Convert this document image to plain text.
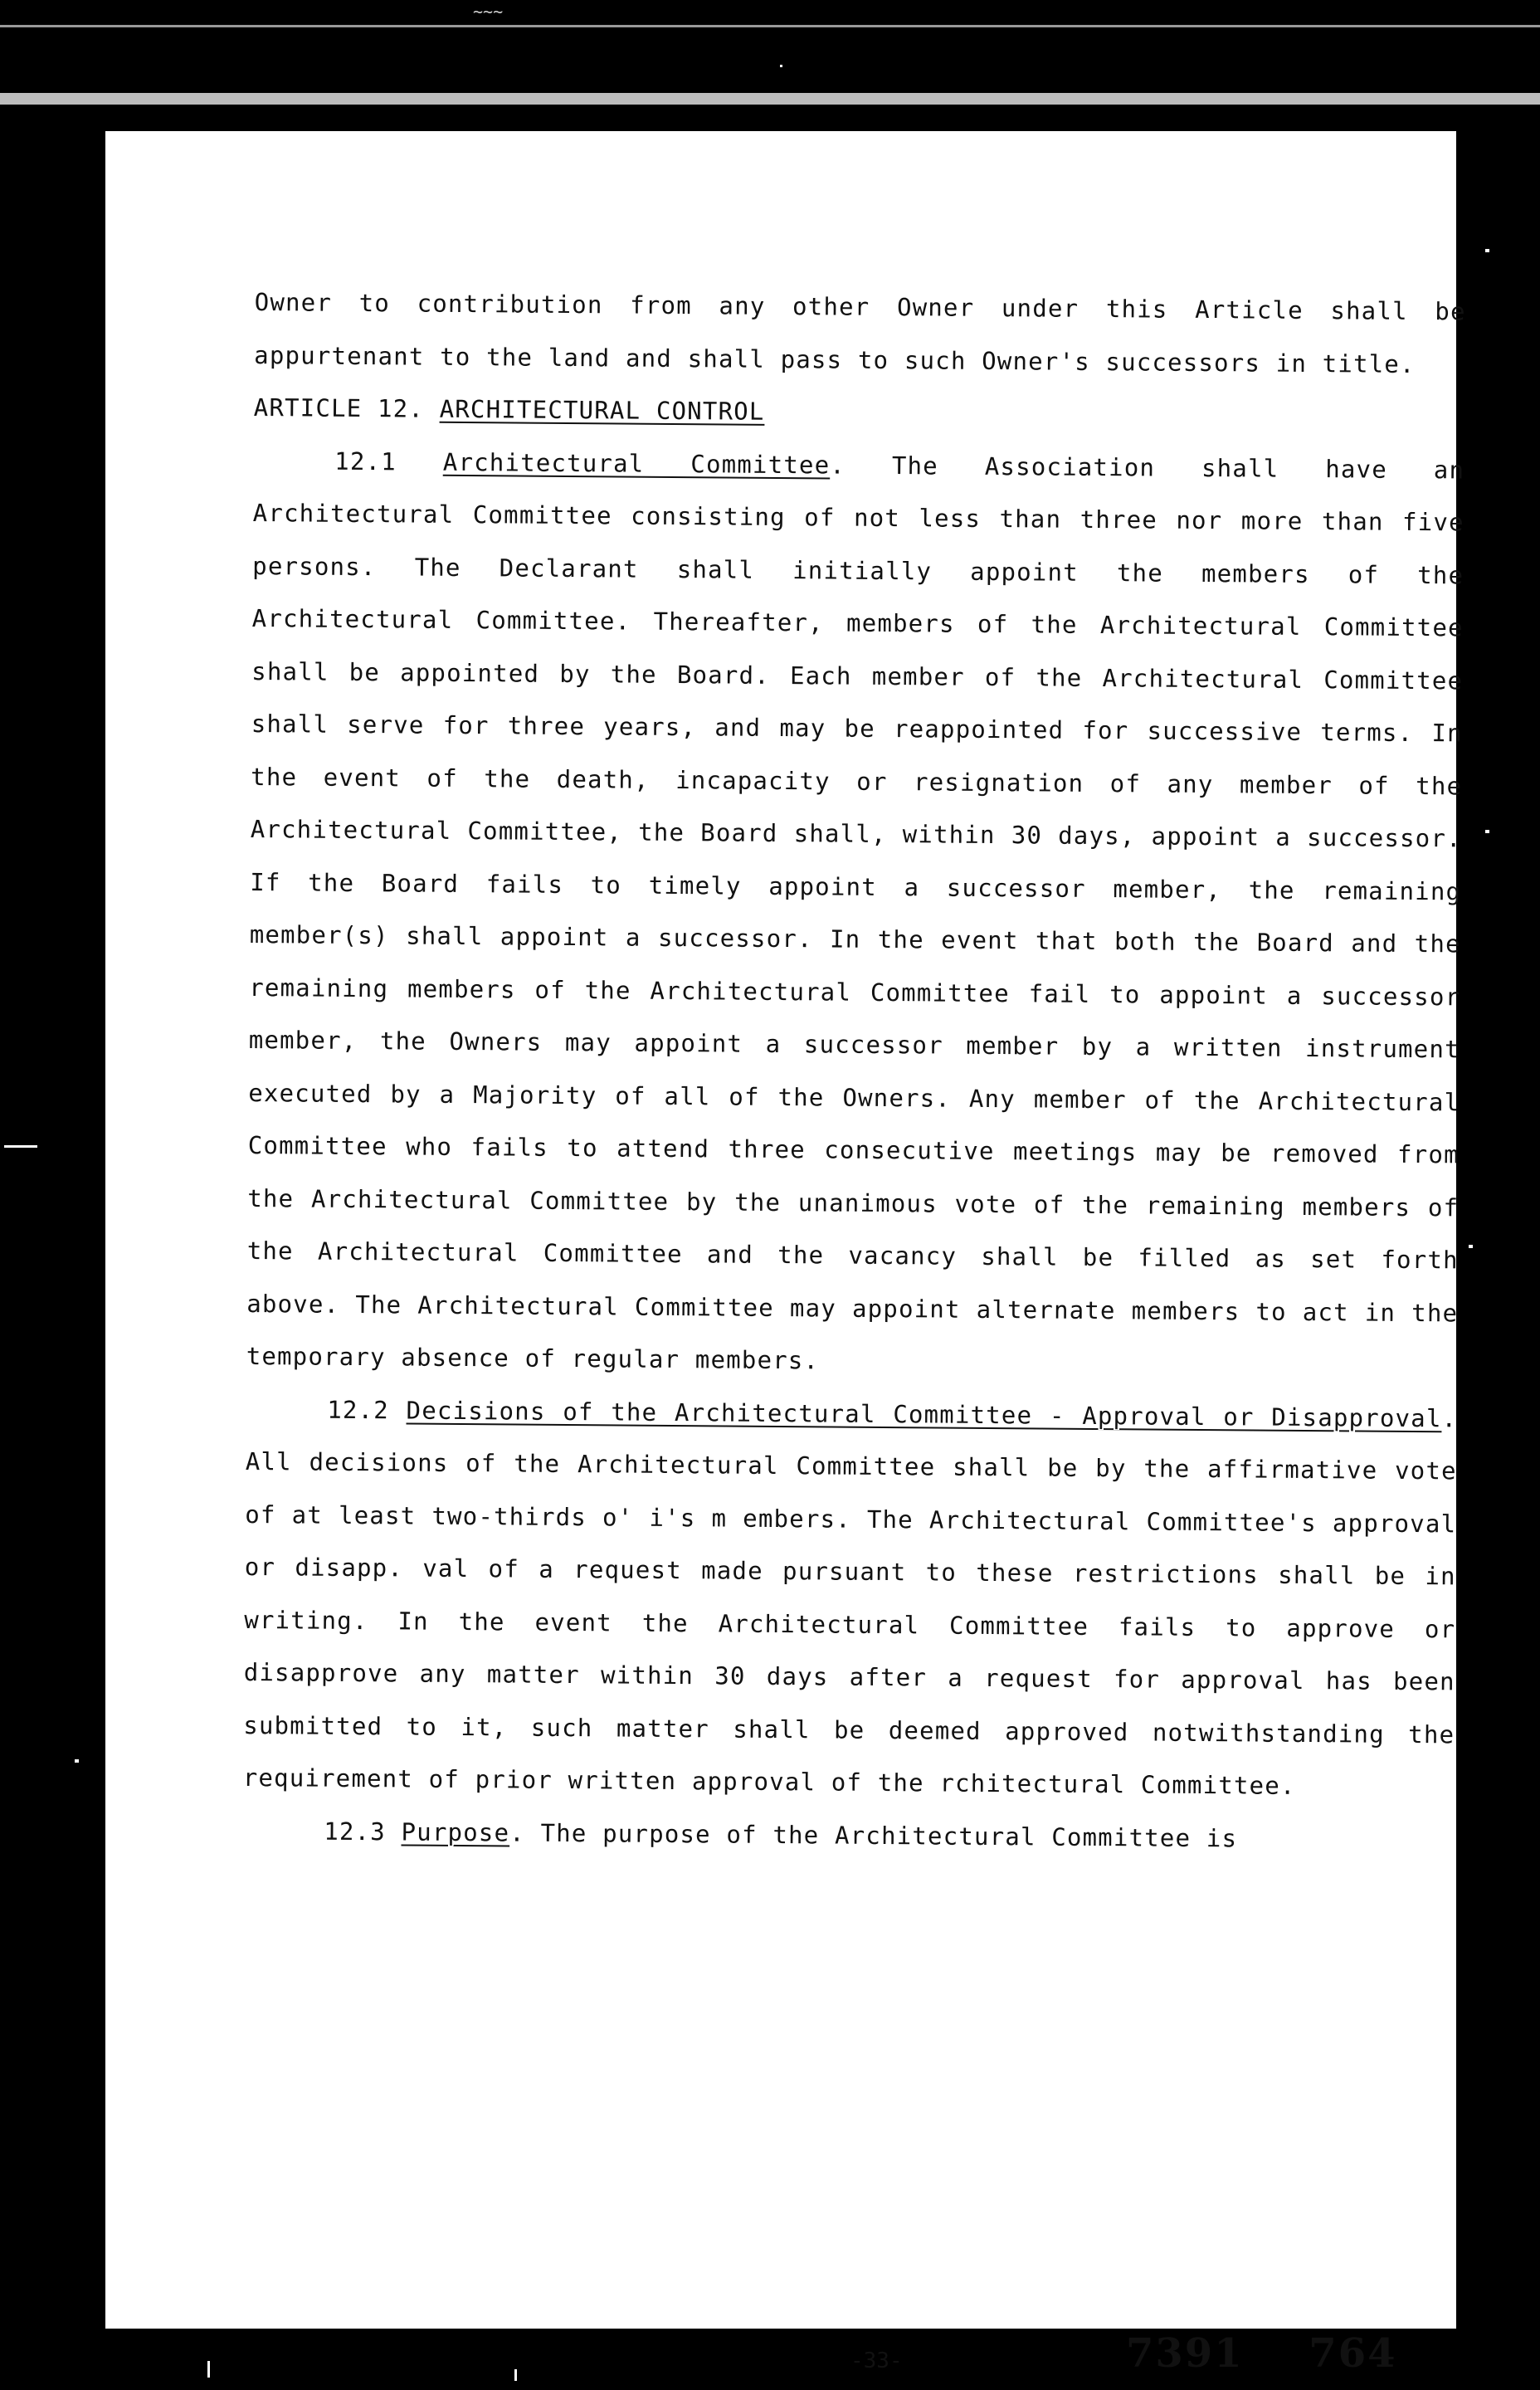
~~~

Owner to contribution from any other Owner under this Article shall be appurtenant to the land and shall pass to such Owner's successors in title.

ARTICLE 12. ARCHITECTURAL CONTROL

12.1 Architectural Committee. The Association shall have an Architectural Committee consisting of not less than three nor more than five persons. The Declarant shall initially appoint the members of the Architectural Committee. Thereafter, members of the Architectural Committee shall be appointed by the Board. Each member of the Architectural Committee shall serve for three years, and may be reappointed for successive terms. In the event of the death, incapacity or resignation of any member of the Architectural Committee, the Board shall, within 30 days, appoint a successor. If the Board fails to timely appoint a successor member, the remaining member(s) shall appoint a successor. In the event that both the Board and the remaining members of the Architectural Committee fail to appoint a successor member, the Owners may appoint a successor member by a written instrument executed by a Majority of all of the Owners. Any member of the Architectural Committee who fails to attend three consecutive meetings may be removed from the Architectural Committee by the unanimous vote of the remaining members of the Architectural Committee and the vacancy shall be filled as set forth above. The Architectural Committee may appoint alternate members to act in the temporary absence of regular members.

12.2 Decisions of the Architectural Committee - Approval or Disapproval. All decisions of the Architectural Committee shall be by the affirmative vote of at least two-thirds o' i's m embers. The Architectural Committee's approval or disapp. val of a request made pursuant to these restrictions shall be in writing. In the event the Architectural Committee fails to approve or disapprove any matter within 30 days after a request for approval has been submitted to it, such matter shall be deemed approved notwithstanding the requirement of prior written approval of the rchitectural Committee.

12.3 Purpose. The purpose of the Architectural Committee is

-33-	7391 764
